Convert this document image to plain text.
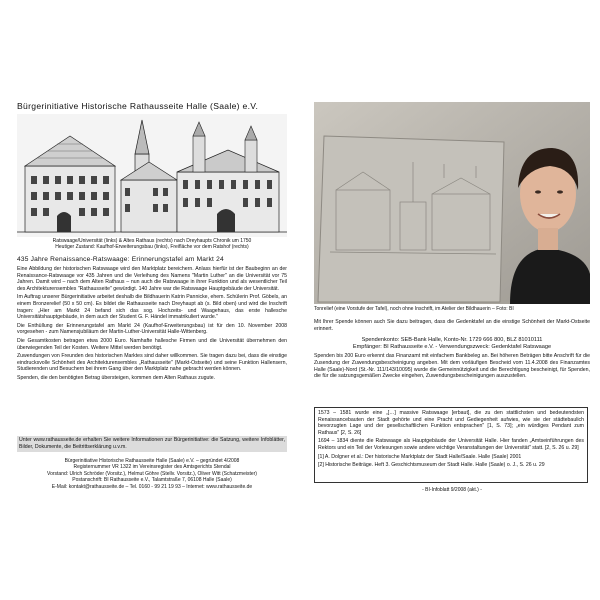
Bürgerinitiative Historische Rathausseite Halle (Saale) e.V.
Ratswaage/Universität (links) & Altes Rathaus (rechts) nach Dreyhaupts Chronik um 1750
Heutiger Zustand: Kaufhof-Erweiterungsbau (links), Freifläche vor dem Ratshof (rechts)
435 Jahre Renaissance-Ratswaage: Erinnerungstafel am Markt 24

Eine Abbildung der historischen Ratswaage wird den Marktplatz bereichern. Anlass hierfür ist der Baubeginn an der Renaissance-Ratswaage vor 435 Jahren und die Verleihung des Namens "Martin Luther" an die Universität vor 75 Jahren. Damit wird – nach dem Alten Rathaus – nun auch die Ratswaage in ihrer Funktion und als wesentlicher Teil des Architekturensembles "Rathausseite" gewürdigt. 140 Jahre war die Ratswaage Hauptgebäude der Universität.

Im Auftrag unserer Bürgerinitiative arbeitet deshalb die Bildhauerin Katrin Pannicke, ehem. Schülerin Prof. Göbels, an einem Bronzerelief (50 x 50 cm). Es bildet die Rathausseite nach Dreyhaupt ab (s. Bild oben) und wird die Inschrift tragen: „Hier am Markt 24 befand sich das sog. Hochzeits- und Waagehaus, das erste hallesche Universitätshauptgebäude, in dem auch der Student G. F. Händel immatrikuliert wurde."

Die Enthüllung der Erinnerungstafel am Markt 24 (Kaufhof-Erweiterungsbau) ist für den 10. November 2008 vorgesehen - zum Namensjubiläum der Martin-Luther-Universität Halle-Wittenberg.

Die Gesamtkosten betragen etwa 2000 Euro. Namhafte hallesche Firmen und die Universität übernehmen den überwiegenden Teil der Kosten. Weitere Mittel werden benötigt.

Zuwendungen von Freunden des historischen Marktes sind daher willkommen. Sie tragen dazu bei, dass die einstige eindrucksvolle Schönheit des Architekturensembles „Rathausseite" (Markt-Ostseite) und seine Funktion Hallensern, Studierenden und Besuchern bei ihrem Gang über den Marktplatz nahe gebracht werden können.

Spenden, die den benötigten Betrag übersteigen, kommen dem Alten Rathaus zugute.

Unter www.rathausseite.de erhalten Sie weitere Informationen zur Bürgerinitiative: die Satzung, weitere Infoblätter, Bilder, Dokumente, die Beitrittserklärung u.v.m.

Bürgerinitiative Historische Rathausseite Halle (Saale) e.V. – gegründet 4/2008
Registernummer VR 1322 im Vereinsregister des Amtsgerichts Stendal
Vorstand: Ulrich Schröder (Vorsitz.), Helmut Göhre (Stellv. Vorsitz.), Oliver Witt (Schatzmeister)
Postanschrift: BI Rathausseite e.V., Talamtstraße 7, 06108 Halle (Saale)
E-Mail: kontakt@rathausseite.de – Tel. 0160 - 99 21 19 93 – Internet: www.rathausseite.de
Tonrelief (eine Vorstufe der Tafel), noch ohne Inschrift, im Atelier der Bildhauerin – Foto: BI

Mit Ihrer Spende können auch Sie dazu beitragen, dass die Gedenktafel an die einstige Schönheit der Markt-Ostseite erinnert.

Spendenkonto: SEB-Bank Halle, Konto-Nr. 1729 666 800, BLZ 81010111

Empfänger: BI Rathausseite e.V. - Verwendungszweck: Gedenktafel Ratswaage

Spenden bis 200 Euro erkennt das Finanzamt mit einfachem Bankbeleg an. Bei höheren Beträgen bitte Anschrift für die Zusendung der Zuwendungsbescheinigung angeben. Mit dem vorläufigen Bescheid vom 11.4.2008 des Finanzamtes Halle (Saale)-Nord (St.-Nr. 111/143/10095) wurde die Gemeinnützigkeit und die Berechtigung bescheinigt, für Spenden, die für die satzungsgemäßen Zwecke eingehen, Zuwendungsbescheinigungen auszustellen.

1573 – 1581 wurde eine „[…] massive Ratswaage [erbaut], die zu den stattlichsten und bedeutendsten Renaissancebauten der Stadt gehörte und eine Pracht und Gediegenheit aufwies, wie sie der städtebaulich bevorzugten Lage und der gesellschaftlichen Funktion entsprachen" [1, S. 73]; „ein würdiges Pendant zum Rathaus" [2, S. 26]

1694 – 1834 diente die Ratswaage als Hauptgebäude der Universität Halle. Hier fanden „Amtseinführungen des Rektors und ein Teil der Vorlesungen sowie andere wichtige Veranstaltungen der Universität" statt. [2, S. 26 u. 29]

[1] A. Dolgner et al.: Der historische Marktplatz der Stadt Halle/Saale. Halle (Saale) 2001

[2] Historische Beiträge. Heft 3. Geschichtsmuseum der Stadt Halle. Halle (Saale) o. J., S. 26 u. 29

- BI-Infoblatt 9/2008 (akt.) -
